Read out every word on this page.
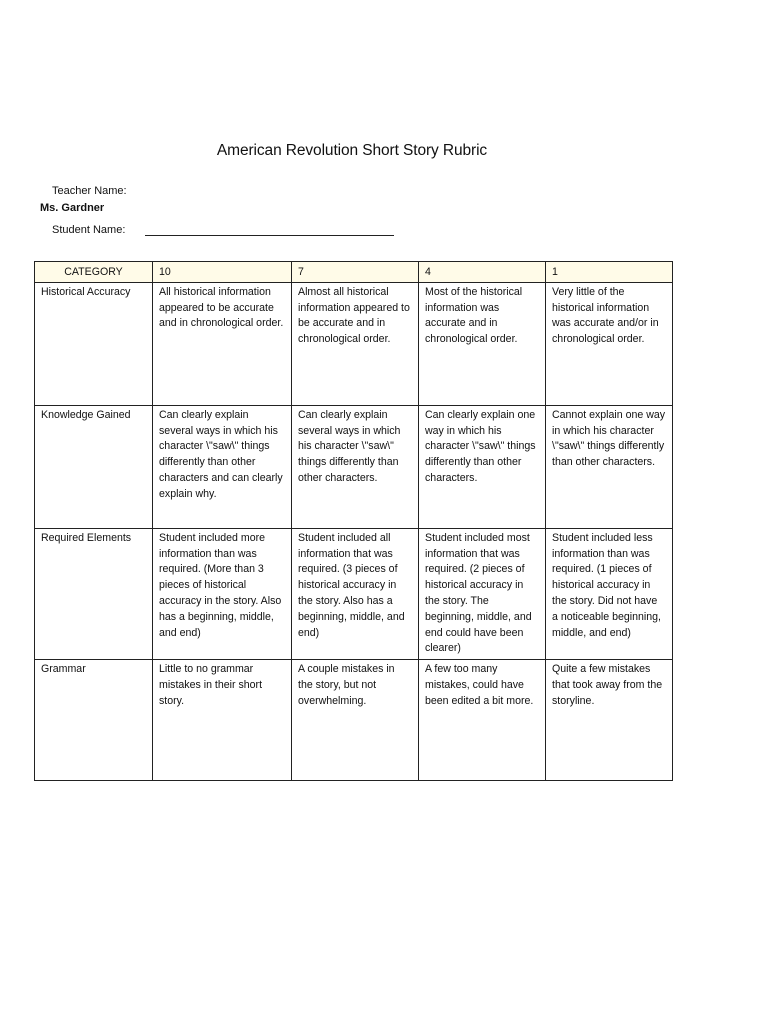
American Revolution Short Story Rubric
Teacher Name:
Ms. Gardner
Student Name:
CATEGORY	10	7	4	1
Historical Accuracy	All historical information appeared to be accurate and in chronological order.	Almost all historical information appeared to be accurate and in chronological order.	Most of the historical information was accurate and in chronological order.	Very little of the historical information was accurate and/or in chronological order.
Knowledge Gained	Can clearly explain several ways in which his character \"saw\" things differently than other characters and can clearly explain why.	Can clearly explain several ways in which his character \"saw\" things differently than other characters.	Can clearly explain one way in which his character \"saw\" things differently than other characters.	Cannot explain one way in which his character \"saw\" things differently than other characters.
Required Elements	Student included more information than was required. (More than 3 pieces of historical accuracy in the story. Also has a beginning, middle, and end)	Student included all information that was required. (3 pieces of historical accuracy in the story. Also has a beginning, middle, and end)	Student included most information that was required. (2 pieces of historical accuracy in the story. The beginning, middle, and end could have been clearer)	Student included less information than was required. (1 pieces of historical accuracy in the story. Did not have a noticeable beginning, middle, and end)
Grammar	Little to no grammar mistakes in their short story.	A couple mistakes in the story, but not overwhelming.	A few too many mistakes, could have been edited a bit more.	Quite a few mistakes that took away from the storyline.
